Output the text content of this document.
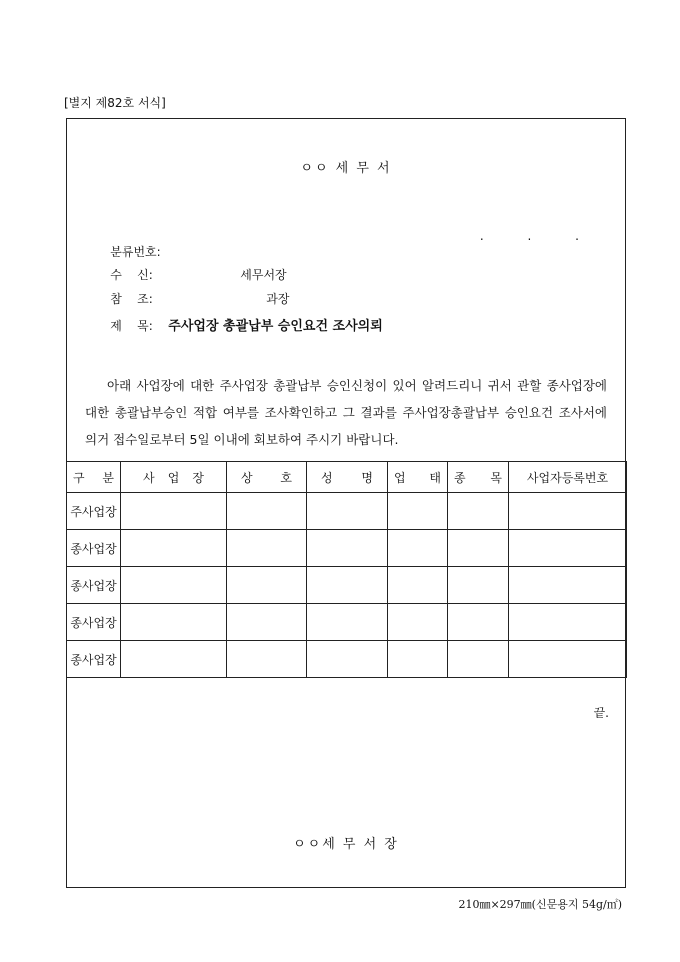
[별지 제82호 서식]
ㅇㅇ 세 무 서
. . .

분류번호:

수    신:	세무서장

참    조:	과장

제    목: 주사업장 총괄납부 승인요건 조사의뢰

아래 사업장에 대한 주사업장 총괄납부 승인신청이 있어 알려드리니 귀서 관할 종사업장에 대한 총괄납부승인 적합 여부를 조사확인하고 그 결과를 주사업장총괄납부 승인요건 조사서에 의거 접수일로부터 5일 이내에 회보하여 주시기 바랍니다.
구 분	사 업 장	상 호	성 명	업 태	종 목	사업자등록번호
주사업장						
종사업장						
종사업장						
종사업장						
종사업장						
끝.
ㅇㅇ세 무 서 장
210㎜×297㎜(신문용지 54g/㎡)
